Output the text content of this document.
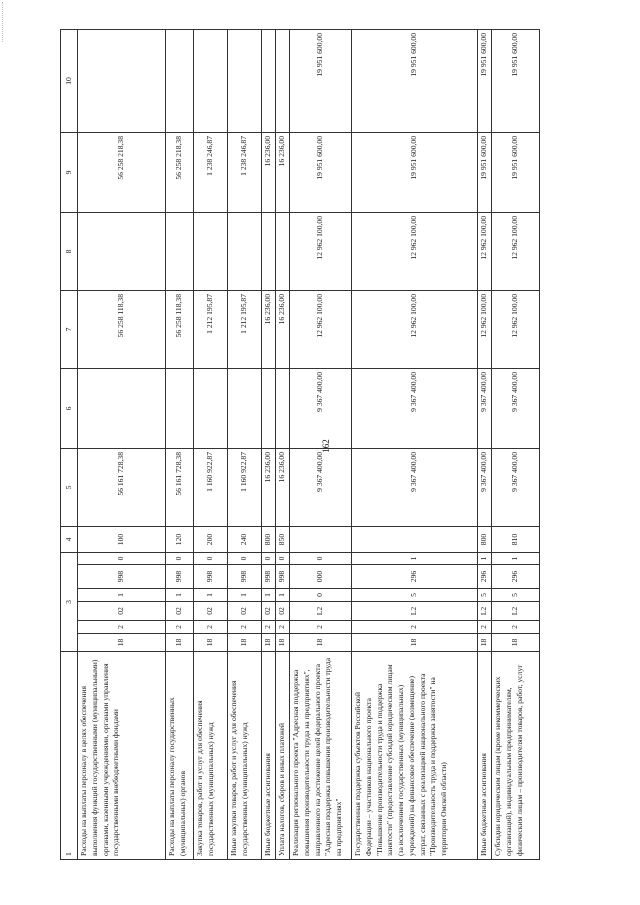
162
1	3						4	5	6	7	8	9	10
Расходы на выплаты персоналу в целях обеспечения выполнения функций государственными (муниципальными) органами, казенными учреждениями, органами управления государственными внебюджетными фондами	18	2	02	1	998	0	100	56 161 728,38		56 258 118,38		56 258 218,38	
Расходы на выплаты персоналу государственных (муниципальных) органов	18	2	02	1	998	0	120	56 161 728,38		56 258 118,38		56 258 218,38	
Закупка товаров, работ и услуг для обеспечения государственных (муниципальных) нужд	18	2	02	1	998	0	200	1 160 922,87		1 212 195,87		1 238 246,87	
Иные закупки товаров, работ и услуг для обеспечения государственных (муниципальных) нужд	18	2	02	1	998	0	240	1 160 922,87		1 212 195,87		1 238 246,87	
Иные бюджетные ассигнования	18	2	02	1	998	0	800	16 236,00		16 236,00		16 236,00	
Уплата налогов, сборов и иных платежей	18	2	02	1	998	0	850	16 236,00		16 236,00		16 236,00	
Реализация регионального проекта "Адресная поддержка повышения производительности труда на предприятиях", направленного на достижение целей федерального проекта "Адресная поддержка повышения производительности труда на предприятиях"	18	2	L2	0	000	0		9 367 400,00	9 367 400,00	12 962 100,00	12 962 100,00	19 951 600,00	19 951 600,00
Государственная поддержка субъектов Российской Федерации – участников национального проекта "Повышение производительности труда и поддержка занятости" (предоставление субсидий юридическим лицам (за исключением государственных (муниципальных) учреждений) на финансовое обеспечение (возмещение) затрат, связанных с реализацией национального проекта "Производительность труда и поддержка занятости" на территории Омской области)	18	2	L2	5	296	1		9 367 400,00	9 367 400,00	12 962 100,00	12 962 100,00	19 951 600,00	19 951 600,00
Иные бюджетные ассигнования	18	2	L2	5	296	1	800	9 367 400,00	9 367 400,00	12 962 100,00	12 962 100,00	19 951 600,00	19 951 600,00
Субсидии юридическим лицам (кроме некоммерческих организаций), индивидуальным предпринимателям, физическим лицам – производителям товаров, работ, услуг	18	2	L2	5	296	1	810	9 367 400,00	9 367 400,00	12 962 100,00	12 962 100,00	19 951 600,00	19 951 600,00
